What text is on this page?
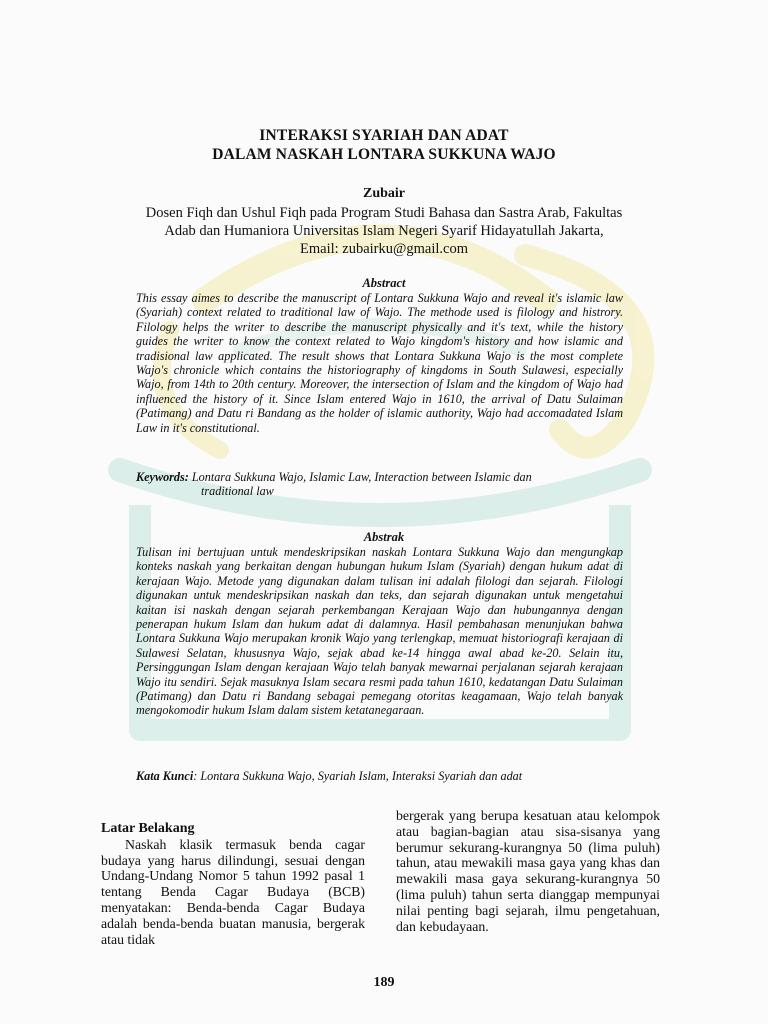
INTERAKSI SYARIAH DAN ADAT
DALAM NASKAH LONTARA SUKKUNA WAJO
Zubair
Dosen Fiqh dan Ushul Fiqh pada Program Studi Bahasa dan Sastra Arab, Fakultas
Adab dan Humaniora Universitas Islam Negeri Syarif Hidayatullah Jakarta,
Email: zubairku@gmail.com
Abstract
This essay aimes to describe the manuscript of Lontara Sukkuna Wajo and reveal it's islamic law (Syariah) context related to traditional law of Wajo. The methode used is filology and histrory. Filology helps the writer to describe the manuscript physically and it's text, while the history guides the writer to know the context related to Wajo kingdom's history and how islamic and tradisional law applicated. The result shows that Lontara Sukkuna Wajo is the most complete Wajo's chronicle which contains the historiography of kingdoms in South Sulawesi, especially Wajo, from 14th to 20th century. Moreover, the intersection of Islam and the kingdom of Wajo had influenced the history of it. Since Islam entered Wajo in 1610, the arrival of Datu Sulaiman (Patimang) and Datu ri Bandang as the holder of islamic authority, Wajo had accomadated Islam Law in it's constitutional.
Keywords: Lontara Sukkuna Wajo, Islamic Law, Interaction between Islamic dan
traditional law
Abstrak
Tulisan ini bertujuan untuk mendeskripsikan naskah Lontara Sukkuna Wajo dan mengungkap konteks naskah yang berkaitan dengan hubungan hukum Islam (Syariah) dengan hukum adat di kerajaan Wajo. Metode yang digunakan dalam tulisan ini adalah filologi dan sejarah. Filologi digunakan untuk mendeskripsikan naskah dan teks, dan sejarah digunakan untuk mengetahui kaitan isi naskah dengan sejarah perkembangan Kerajaan Wajo dan hubungannya dengan penerapan hukum Islam dan hukum adat di dalamnya. Hasil pembahasan menunjukan bahwa Lontara Sukkuna Wajo merupakan kronik Wajo yang terlengkap, memuat historiografi kerajaan di Sulawesi Selatan, khususnya Wajo, sejak abad ke-14 hingga awal abad ke-20. Selain itu, Persinggungan Islam dengan kerajaan Wajo telah banyak mewarnai perjalanan sejarah kerajaan Wajo itu sendiri. Sejak masuknya Islam secara resmi pada tahun 1610, kedatangan Datu Sulaiman (Patimang) dan Datu ri Bandang sebagai pemegang otoritas keagamaan, Wajo telah banyak mengokomodir hukum Islam dalam sistem ketatanegaraan.
Kata Kunci: Lontara Sukkuna Wajo, Syariah Islam, Interaksi Syariah dan adat
Latar Belakang
Naskah klasik termasuk benda cagar budaya yang harus dilindungi, sesuai dengan Undang-Undang Nomor 5 tahun 1992 pasal 1 tentang Benda Cagar Budaya (BCB) menyatakan: Benda-benda Cagar Budaya adalah benda-benda buatan manusia, bergerak atau tidak
bergerak yang berupa kesatuan atau kelompok atau bagian-bagian atau sisa-sisanya yang berumur sekurang-kurangnya 50 (lima puluh) tahun, atau mewakili masa gaya yang khas dan mewakili masa gaya sekurang-kurangnya 50 (lima puluh) tahun serta dianggap mempunyai nilai penting bagi sejarah, ilmu pengetahuan, dan kebudayaan.
189
